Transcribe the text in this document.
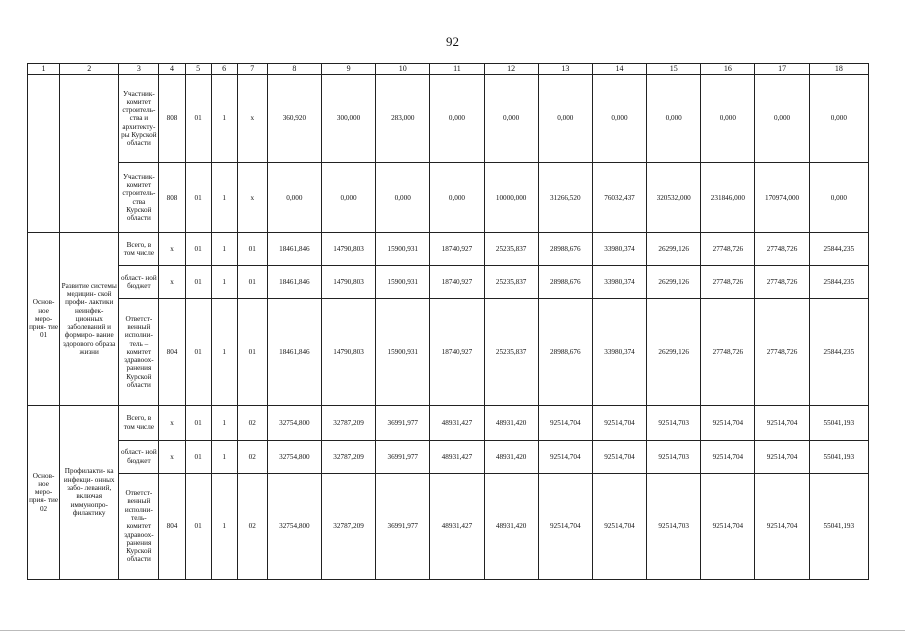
92
1	2	3	4	5	6	7	8	9	10	11	12	13	14	15	16	17	18
		Участник- комитет строитель- ства и архитекту- ры Курской области	808	01	1	х	360,920	300,000	283,000	0,000	0,000	0,000	0,000	0,000	0,000	0,000	0,000
		Участник- комитет строитель- ства Курской области	808	01	1	х	0,000	0,000	0,000	0,000	10000,000	31266,520	76032,437	320532,000	231846,000	170974,000	0,000
Основ- ное меро- прия- тие 01	Развитие системы медицин- ской профи- лактики неинфек- ционных заболеваний и формиро- вание здорового образа жизни	Всего, в том числе	х	01	1	01	18461,846	14790,803	15900,931	18740,927	25235,837	28988,676	33980,374	26299,126	27748,726	27748,726	25844,235
		област- ной бюджет	х	01	1	01	18461,846	14790,803	15900,931	18740,927	25235,837	28988,676	33980,374	26299,126	27748,726	27748,726	25844,235
		Ответст- венный исполни- тель – комитет здравоох- ранения Курской области	804	01	1	01	18461,846	14790,803	15900,931	18740,927	25235,837	28988,676	33980,374	26299,126	27748,726	27748,726	25844,235
Основ- ное меро- прия- тие 02	Профилакти- ка инфекци- онных забо- леваний, включая иммунопро- филактику	Всего, в том числе	х	01	1	02	32754,800	32787,209	36991,977	48931,427	48931,420	92514,704	92514,704	92514,703	92514,704	92514,704	55041,193
		област- ной бюджет	х	01	1	02	32754,800	32787,209	36991,977	48931,427	48931,420	92514,704	92514,704	92514,703	92514,704	92514,704	55041,193
		Ответст- венный исполни- тель- комитет здравоох- ранения Курской области	804	01	1	02	32754,800	32787,209	36991,977	48931,427	48931,420	92514,704	92514,704	92514,703	92514,704	92514,704	55041,193
